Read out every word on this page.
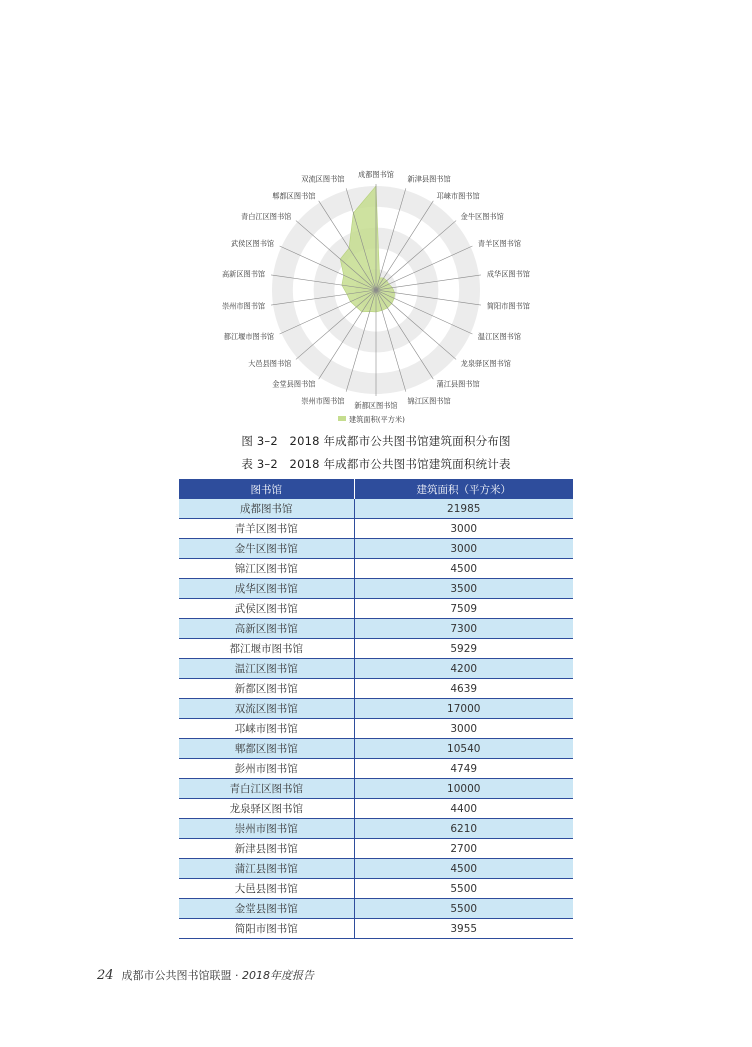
成都图书馆
新津县图书馆
邛崃市图书馆
金牛区图书馆
青羊区图书馆
成华区图书馆
简阳市图书馆
温江区图书馆
龙泉驿区图书馆
蒲江县图书馆
锦江区图书馆
新都区图书馆
崇州市图书馆
金堂县图书馆
大邑县图书馆
都江堰市图书馆
崇州市图书馆
高新区图书馆
武侯区图书馆
青白江区图书馆
郫都区图书馆
双流区图书馆
建筑面积(平方米)
图 3–2　2018 年成都市公共图书馆建筑面积分布图
表 3–2　2018 年成都市公共图书馆建筑面积统计表
图书馆	建筑面积（平方米）
成都图书馆	21985
青羊区图书馆	3000
金牛区图书馆	3000
锦江区图书馆	4500
成华区图书馆	3500
武侯区图书馆	7509
高新区图书馆	7300
都江堰市图书馆	5929
温江区图书馆	4200
新都区图书馆	4639
双流区图书馆	17000
邛崃市图书馆	3000
郫都区图书馆	10540
彭州市图书馆	4749
青白江区图书馆	10000
龙泉驿区图书馆	4400
崇州市图书馆	6210
新津县图书馆	2700
蒲江县图书馆	4500
大邑县图书馆	5500
金堂县图书馆	5500
简阳市图书馆	3955
24 成都市公共图书馆联盟 · 2018年度报告
